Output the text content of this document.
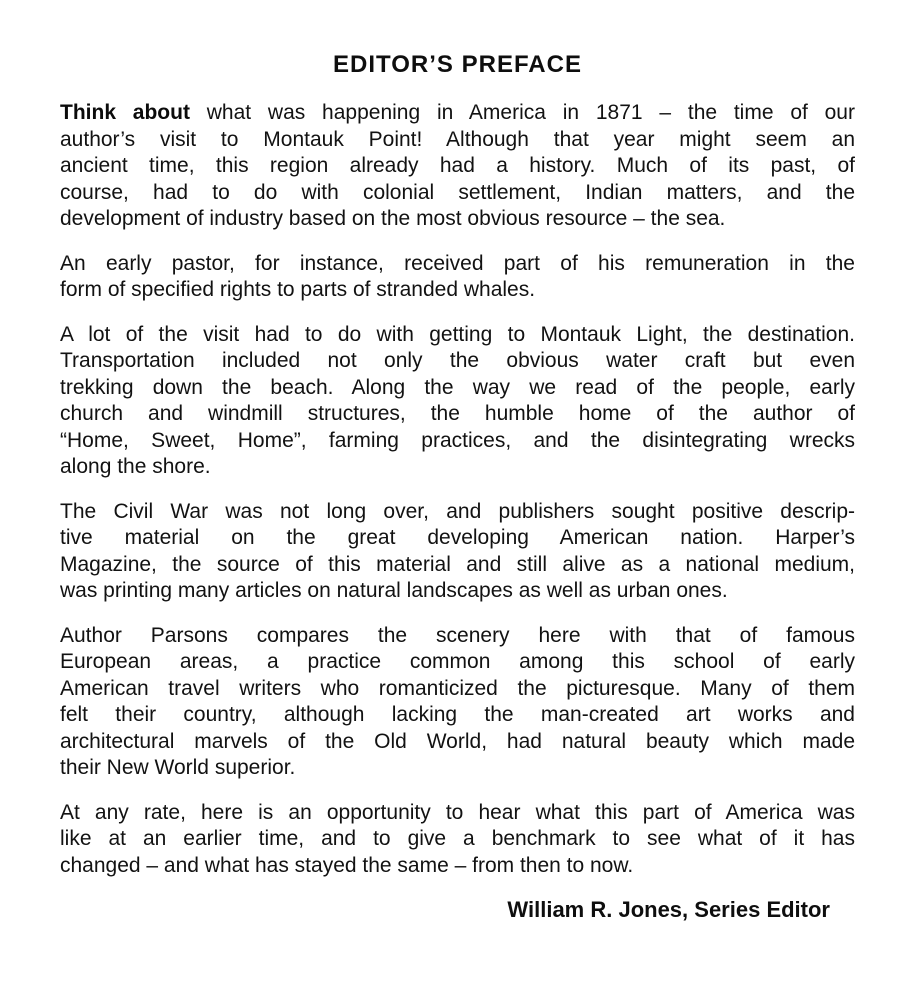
EDITOR’S PREFACE
Think about what was happening in America in 1871 – the time of our
author’s visit to Montauk Point! Although that year might seem an
ancient time, this region already had a history. Much of its past, of
course, had to do with colonial settlement, Indian matters, and the
development of industry based on the most obvious resource – the sea.
An early pastor, for instance, received part of his remuneration in the
form of specified rights to parts of stranded whales.
A lot of the visit had to do with getting to Montauk Light, the destination.
Transportation included not only the obvious water craft but even
trekking down the beach. Along the way we read of the people, early
church and windmill structures, the humble home of the author of
“Home, Sweet, Home”, farming practices, and the disintegrating wrecks
along the shore.
The Civil War was not long over, and publishers sought positive descrip-
tive material on the great developing American nation. Harper’s
Magazine, the source of this material and still alive as a national medium,
was printing many articles on natural landscapes as well as urban ones.
Author Parsons compares the scenery here with that of famous
European areas, a practice common among this school of early
American travel writers who romanticized the picturesque. Many of them
felt their country, although lacking the man-created art works and
architectural marvels of the Old World, had natural beauty which made
their New World superior.
At any rate, here is an opportunity to hear what this part of America was
like at an earlier time, and to give a benchmark to see what of it has
changed – and what has stayed the same – from then to now.
William R. Jones, Series Editor
